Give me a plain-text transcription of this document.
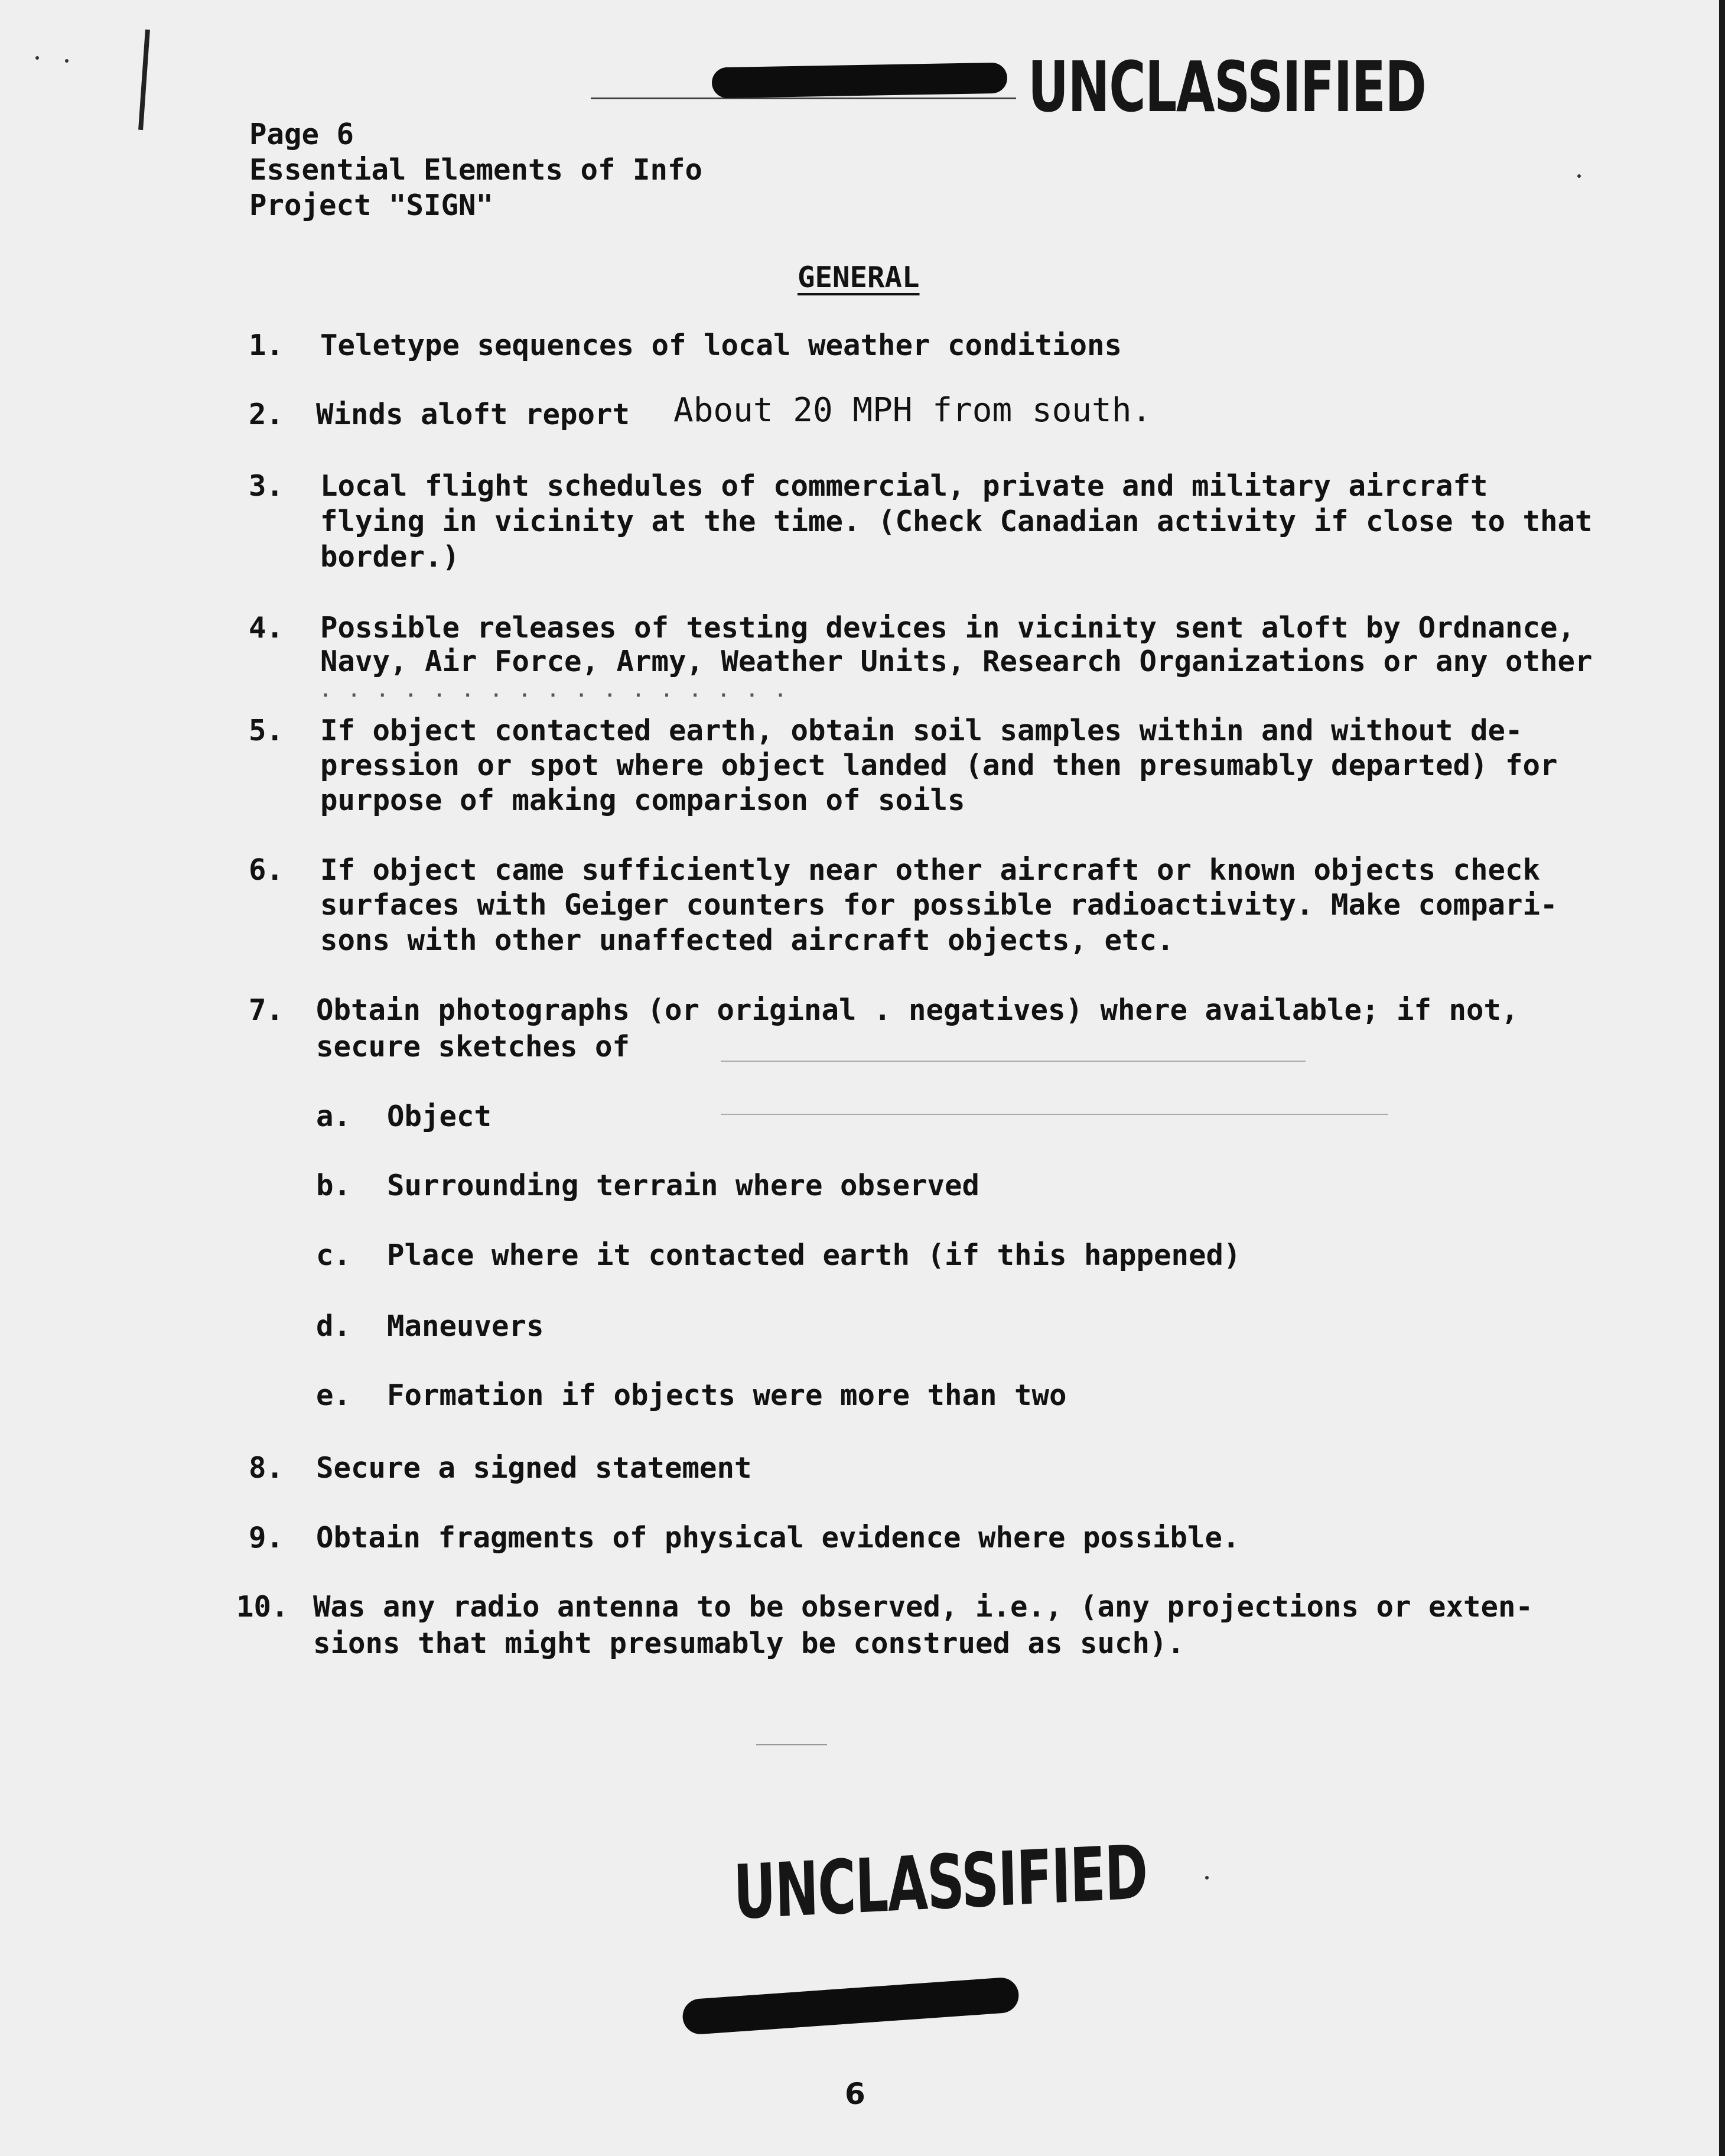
UNCLASSIFIED
Page 6
Essential Elements of Info
Project "SIGN"
GENERAL
1. Teletype sequences of local weather conditions
2. Winds aloft report About 20 MPH from south.
3. Local flight schedules of commercial, private and military aircraft
flying in vicinity at the time. (Check Canadian activity if close to that
border.)
4. Possible releases of testing devices in vicinity sent aloft by Ordnance,
Navy, Air Force, Army, Weather Units, Research Organizations or any other
. . . . . . . . . . . . . . . . .
5. If object contacted earth, obtain soil samples within and without de-
pression or spot where object landed (and then presumably departed) for
purpose of making comparison of soils
6. If object came sufficiently near other aircraft or known objects check
surfaces with Geiger counters for possible radioactivity. Make compari-
sons with other unaffected aircraft objects, etc.
7. Obtain photographs (or original . negatives) where available; if not,
secure sketches of
a. Object
b. Surrounding terrain where observed
c. Place where it contacted earth (if this happened)
d. Maneuvers
e. Formation if objects were more than two
8. Secure a signed statement
9. Obtain fragments of physical evidence where possible.
10. Was any radio antenna to be observed, i.e., (any projections or exten-
sions that might presumably be construed as such).
UNCLASSIFIED
6
